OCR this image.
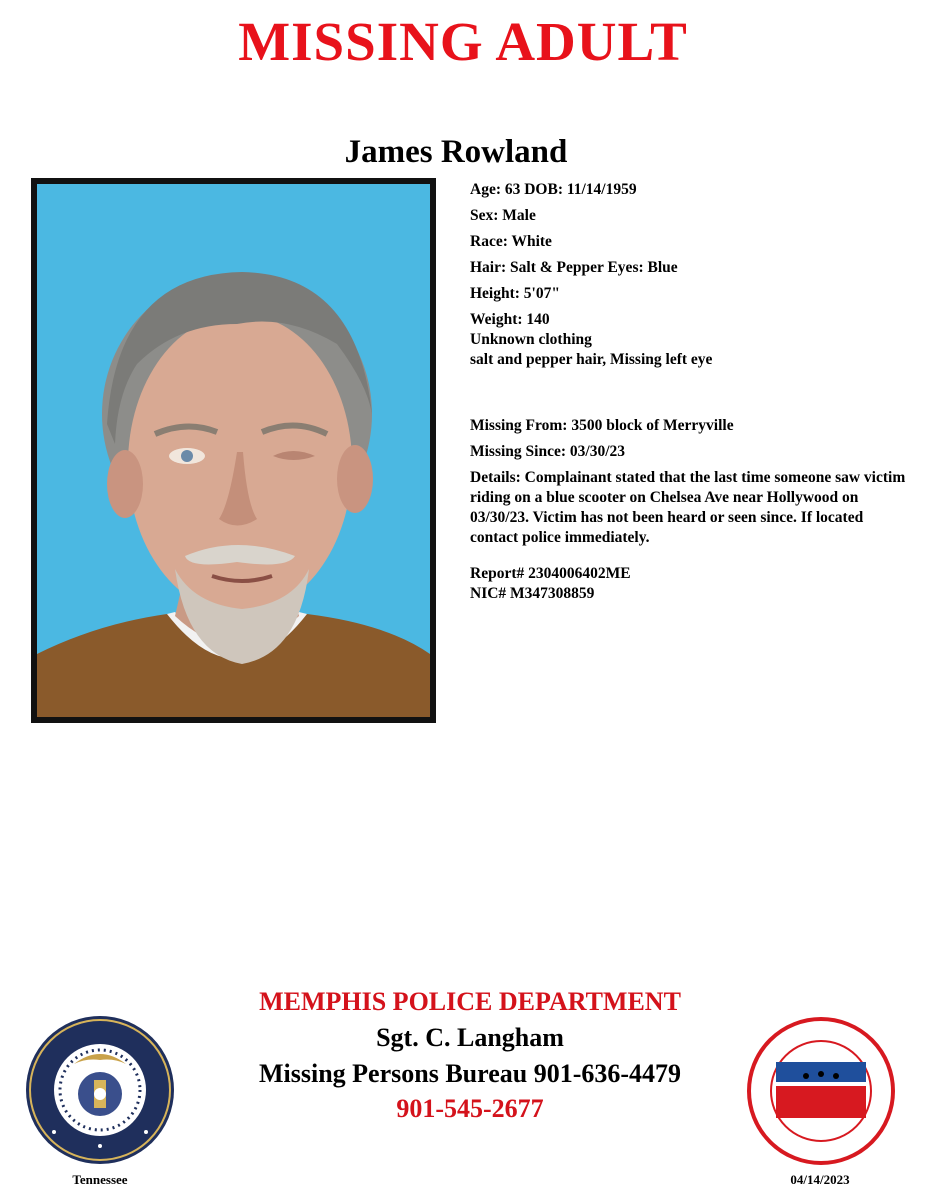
MISSING ADULT
James Rowland
Age: 63 DOB: 11/14/1959
Sex: Male
Race: White
Hair: Salt & Pepper Eyes: Blue
Height: 5'07"
Weight: 140
Unknown clothing
salt and pepper hair, Missing left eye
Missing From: 3500 block of Merryville
Missing Since: 03/30/23
Details: Complainant stated that the last time someone saw victim riding on a blue scooter on Chelsea Ave near Hollywood on 03/30/23. Victim has not been heard or seen since. If located contact police immediately.
Report# 2304006402ME
NIC# M347308859
MEMPHIS POLICE DEPARTMENT
Sgt. C. Langham
Missing Persons Bureau 901-636-4479
901-545-2677
Tennessee	04/14/2023
